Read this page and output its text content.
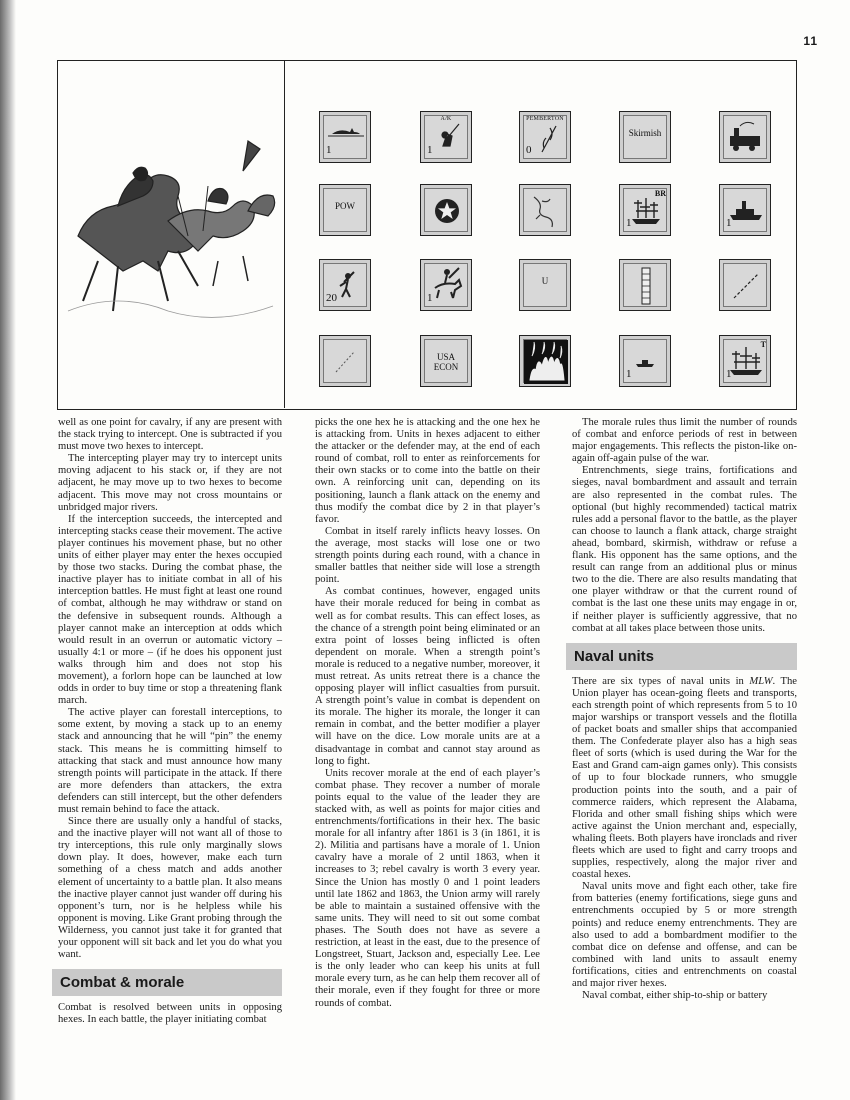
11
1
A/K
1
PEMBERTON
0
Skirmish
POW
1
BR
1
20	1
U
USA
ECON
1	1
T

well as one point for cavalry, if any are present with the stack trying to intercept. One is subtracted if you must move two hexes to intercept.

The intercepting player may try to intercept units moving adjacent to his stack or, if they are not adjacent, he may move up to two hexes to become adjacent. This move may not cross mountains or unbridged major rivers.

If the interception succeeds, the intercepted and intercepting stacks cease their movement. The active player continues his movement phase, but no other units of either player may enter the hexes occupied by those two stacks. During the combat phase, the inactive player has to initiate combat in all of his interception battles. He must fight at least one round of combat, although he may withdraw or stand on the defensive in subsequent rounds. Although a player cannot make an interception at odds which would result in an overrun or automatic victory – usually 4:1 or more – (if he does his opponent just walks through him and does not stop his movement), a forlorn hope can be launched at low odds in order to buy time or stop a threatening flank march.

The active player can forestall interceptions, to some extent, by moving a stack up to an enemy stack and announcing that he will “pin” the enemy stack. This means he is committing himself to attacking that stack and must announce how many strength points will participate in the attack. If there are more defenders than attackers, the extra defenders can still intercept, but the other defenders must remain behind to face the attack.

Since there are usually only a handful of stacks, and the inactive player will not want all of those to try interceptions, this rule only marginally slows down play. It does, however, make each turn something of a chess match and adds another element of uncertainty to a battle plan. It also means the inactive player cannot just wander off during his opponent’s turn, nor is he helpless while his opponent is moving. Like Grant probing through the Wilderness, you cannot just take it for granted that your opponent will sit back and let you do what you want.

Combat & morale

Combat is resolved between units in opposing hexes. In each battle, the player initiating combat

picks the one hex he is attacking and the one hex he is attacking from. Units in hexes adjacent to either the attacker or the defender may, at the end of each round of combat, roll to enter as reinforcements for their own stacks or to come into the battle on their own. A reinforcing unit can, depending on its positioning, launch a flank attack on the enemy and thus modify the combat dice by 2 in that player’s favor.

Combat in itself rarely inflicts heavy losses. On the average, most stacks will lose one or two strength points during each round, with a chance in smaller battles that neither side will lose a strength point.

As combat continues, however, engaged units have their morale reduced for being in combat as well as for combat results. This can effect loses, as the chance of a strength point being eliminated or an extra point of losses being inflicted is often dependent on morale. When a strength point’s morale is reduced to a negative number, moreover, it must retreat. As units retreat there is a chance the opposing player will inflict casualties from pursuit. A strength point’s value in combat is dependent on its morale. The higher its morale, the longer it can remain in combat, and the better modifier a player will have on the dice. Low morale units are at a disadvantage in combat and cannot stay around as long to fight.

Units recover morale at the end of each player’s combat phase. They recover a number of morale points equal to the value of the leader they are stacked with, as well as points for major cities and entrenchments/fortifications in their hex. The basic morale for all infantry after 1861 is 3 (in 1861, it is 2). Militia and partisans have a morale of 1. Union cavalry have a morale of 2 until 1863, when it increases to 3; rebel cavalry is worth 3 every year. Since the Union has mostly 0 and 1 point leaders until late 1862 and 1863, the Union army will rarely be able to maintain a sustained offensive with the same units. They will need to sit out some combat phases. The South does not have as severe a restriction, at least in the east, due to the presence of Longstreet, Stuart, Jackson and, especially Lee. Lee is the only leader who can keep his units at full morale every turn, as he can help them recover all of their morale, even if they fought for three or more rounds of combat.

The morale rules thus limit the number of rounds of combat and enforce periods of rest in between major engagements. This reflects the piston-like on-again off-again pulse of the war.

Entrenchments, siege trains, fortifications and sieges, naval bombardment and assault and terrain are also represented in the combat rules. The optional (but highly recommended) tactical matrix rules add a personal flavor to the battle, as the player can choose to launch a flank attack, charge straight ahead, bombard, skirmish, withdraw or refuse a flank. His opponent has the same options, and the result can range from an additional plus or minus two to the die. There are also results mandating that one player withdraw or that the current round of combat is the last one these units may engage in or, if neither player is sufficiently aggressive, that no combat at all takes place between those units.

Naval units

There are six types of naval units in MLW. The Union player has ocean-going fleets and transports, each strength point of which represents from 5 to 10 major warships or transport vessels and the flotilla of packet boats and smaller ships that accompanied them. The Confederate player also has a high seas fleet of sorts (which is used during the War for the East and Grand cam-aign games only). This consists of up to four blockade runners, who smuggle production points into the south, and a pair of commerce raiders, which represent the Alabama, Florida and other small fishing ships which were active against the Union merchant and, especially, whaling fleets. Both players have ironclads and river fleets which are used to fight and carry troops and supplies, respectively, along the major river and coastal hexes.

Naval units move and fight each other, take fire from batteries (enemy fortifications, siege guns and entrenchments occupied by 5 or more strength points) and reduce enemy entrenchments. They are also used to add a bombardment modifier to the combat dice on defense and offense, and can be combined with land units to assault enemy fortifications, cities and entrenchments on coastal and major river hexes.

Naval combat, either ship-to-ship or battery
